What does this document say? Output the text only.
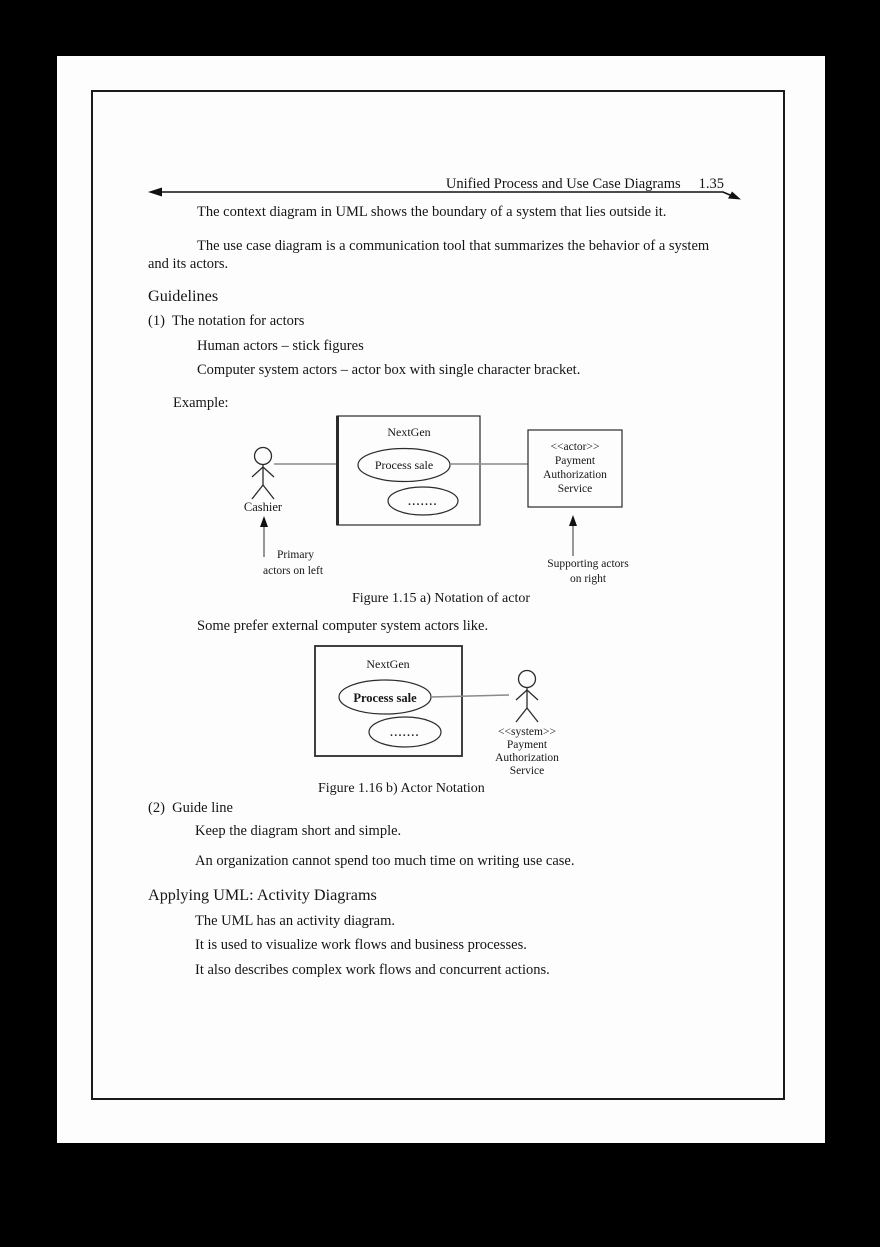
Unified Process and Use Case Diagrams 1.35
The context diagram in UML shows the boundary of a system that lies outside it.
The use case diagram is a communication tool that summarizes the behavior of a system and its actors.
Guidelines
(1)  The notation for actors
Human actors – stick figures
Computer system actors – actor box with single character bracket.
Example:
Cashier
NextGen
Process sale
.......
<<actor>>
Payment
Authorization
Service
Primary
actors on left
Supporting actors
on right
Figure 1.15 a) Notation of actor
Some prefer external computer system actors like.
NextGen
Process sale
.......	<<system>>
Payment
Authorization
Service
Figure 1.16 b) Actor Notation
(2)  Guide line
Keep the diagram short and simple.
An organization cannot spend too much time on writing use case.
Applying UML: Activity Diagrams
The UML has an activity diagram.
It is used to visualize work flows and business processes.
It also describes complex work flows and concurrent actions.
